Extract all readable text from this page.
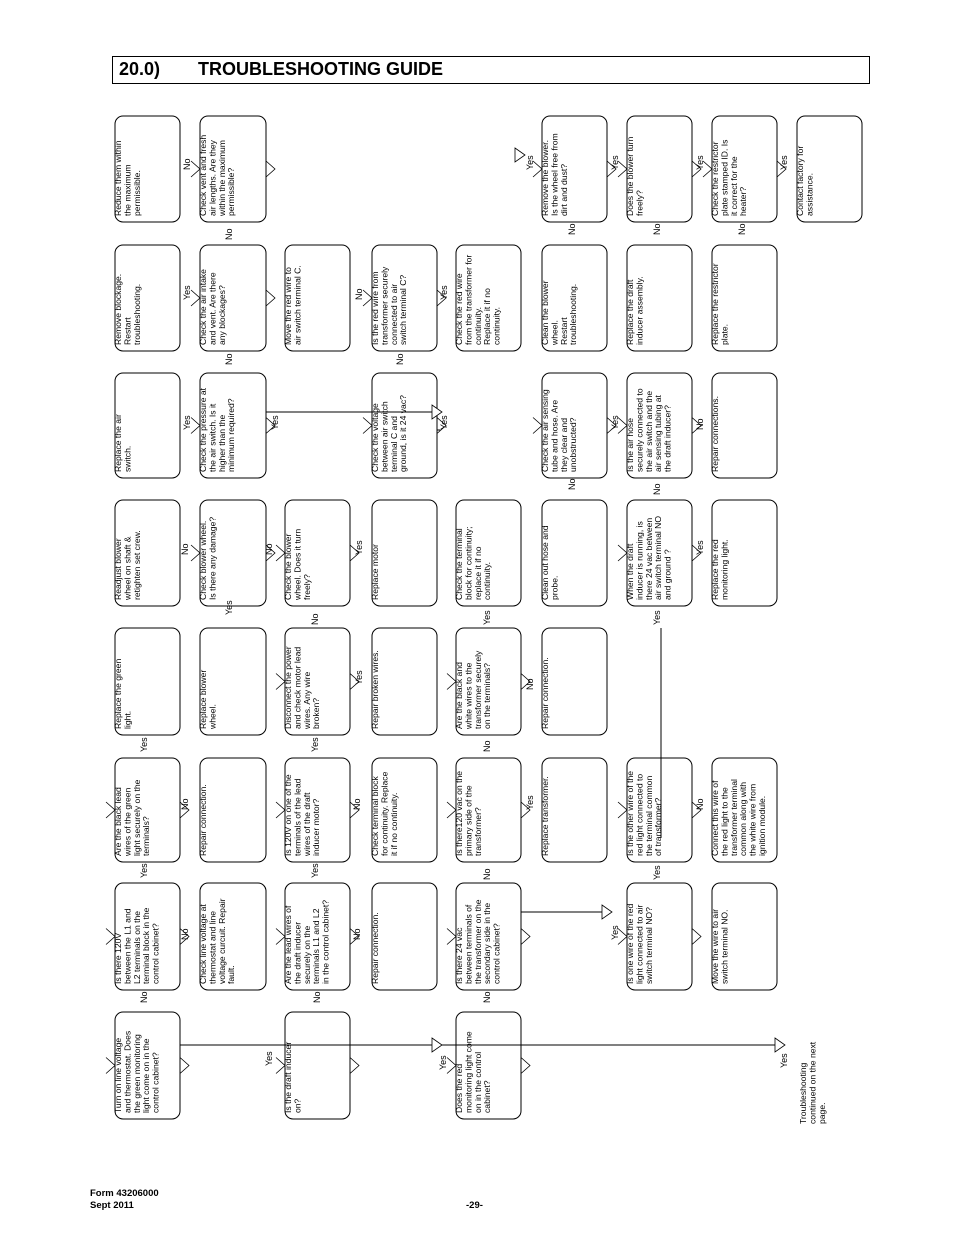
20.0) TROUBLESHOOTING GUIDE
Turn on line voltageand thermostat. Doesthe green monitoringlight come on in thecontrol cabinet?	Is the draft induceron?	Does the redmonitoring light comeon in the controlcabinet?
Is there 120Vbetween the L1 andL2 terminals on theterminal block in thecontrol cabinet?	Check line voltage atthermostat and linevoltage curcuit. Repairfault.	Are the lead wires ofthe draft inducersecurely on theterminals L1 and L2in the control cabinet?	Repair connection.	Is there 24 vacbetween terminals ofthe transformer on thesecondary side in thecontrol cabinet?	Is one wire of the redlight connected to airswitch terminal NO?	Move the wire to airswitch terminal NO.
Are the black leadwires of the greenlight securely on theterminals?	Repair connection.	Is 120V on one of theterminals of the leadwires of the draftinducer motor?	Check terminal blockfor continuity. Replaceit if no continuity.	Is there120 vac on theprimary side of thetransformer?	Replace transformer.	Is the other wire of thered light connected tothe terminal commonof transformer?	Connect this wire ofthe red light to thetransformer terminalcommon along withthe white wire fromignition module.
Replace the greenlight.	Replace blowerwheel.	Disconnect the powerand check motor leadwires. Any wirebroken?	Repair broken wires.	Are the black andwhite wires to thetransformer securelyon the terminals?	Repair connection.
Readjust blowerwheel on shaft &retighten set crew.	Check blower wheel.Is there any damage?	Check the blowerwheel. Does it turnfreely?	Replace motor	Check the terminalblock for continuity;replace it if nocontinuity.	Clean out hose andprobe.	When the draftinducer is running, isthere 24 vac betweenair switch terminal NOand ground ?	Replace the redmonitoring light.
Replace the airswitch.	Check the pressure atthe air switch. Is ithigher than theminimum required?	Check the voltagebetween air switchterminal C andground, is it 24 vac?	Check the air sensingtube and hose. Arethey clear andunobstructed?	Is the air hosesecurely connected tothe air switch and theair sensing tubing atthe draft inducer?	Repair connections.
Remove blockage.Restarttroubleshooting.	Check the air intakeand vent. Are thereany blockages?	Move the red wire toair switch terminal C.	Is the red wire fromtransformer securelyconnected to airswitch terminal C?	Check the red wirefrom the transformer forcontinuity.Replace it if nocontinuity.	Clean the blowerwheel.Restarttroubleshooting.	Replace the draftinducer assembly.	Replace the restrictorplate.
Reduce them withinthe maximumpermissible.	Check vent and freshair lengths. Are theywithin the maximumpermissible?	Remove the blower.Is the wheel free fromdirt and dust?	Does the blower turnfreely?	Check the restrictorplate stamped ID. Isit correct for theheater?	Contact factory forassistance.
Troubleshootingcontinued on the nextpage.
Yes	Yes	Yes
No	No	No
Yes
No
Yes
No
No
Yes
Yes
Yes
No
Yes
No
No
Yes	No
Yes
No	Yes
No
Yes
Yes
No	No	Yes
No
Yes
Yes	Yes
No	No
Yes
No
Yes	No
Yes	No	Yes
No	No	No	No
No	Yes	Yes	Yes	Yes
Form 43206000
Sept 2011	-29-
